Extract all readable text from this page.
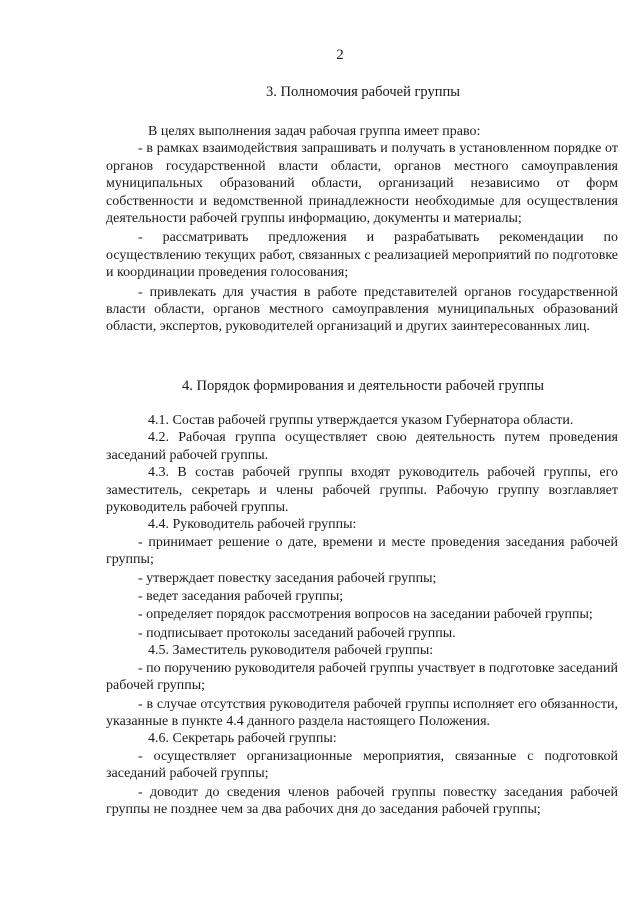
2
3. Полномочия рабочей группы

В целях выполнения задач рабочая группа имеет право:

- в рамках взаимодействия запрашивать и получать в установленном порядке от органов государственной власти области, органов местного самоуправления муниципальных образований области, организаций независимо от форм собственности и ведомственной принадлежности необходимые для осуществления деятельности рабочей группы информацию, документы и материалы;

- рассматривать предложения и разрабатывать рекомендации по осуществлению текущих работ, связанных с реализацией мероприятий по подготовке и координации проведения голосования;

- привлекать для участия в работе представителей органов государственной власти области, органов местного самоуправления муниципальных образований области, экспертов, руководителей организаций и других заинтересованных лиц.

4. Порядок формирования и деятельности рабочей группы

4.1. Состав рабочей группы утверждается указом Губернатора области.

4.2. Рабочая группа осуществляет свою деятельность путем проведения заседаний рабочей группы.

4.3. В состав рабочей группы входят руководитель рабочей группы, его заместитель, секретарь и члены рабочей группы. Рабочую группу возглавляет руководитель рабочей группы.

4.4. Руководитель рабочей группы:

- принимает решение о дате, времени и месте проведения заседания рабочей группы;

- утверждает повестку заседания рабочей группы;

- ведет заседания рабочей группы;

- определяет порядок рассмотрения вопросов на заседании рабочей группы;

- подписывает протоколы заседаний рабочей группы.

4.5. Заместитель руководителя рабочей группы:

- по поручению руководителя рабочей группы участвует в подготовке заседаний рабочей группы;

- в случае отсутствия руководителя рабочей группы исполняет его обязанности, указанные в пункте 4.4 данного раздела настоящего Положения.

4.6. Секретарь рабочей группы:

- осуществляет организационные мероприятия, связанные с подготовкой заседаний рабочей группы;

- доводит до сведения членов рабочей группы повестку заседания рабочей группы не позднее чем за два рабочих дня до заседания рабочей группы;
